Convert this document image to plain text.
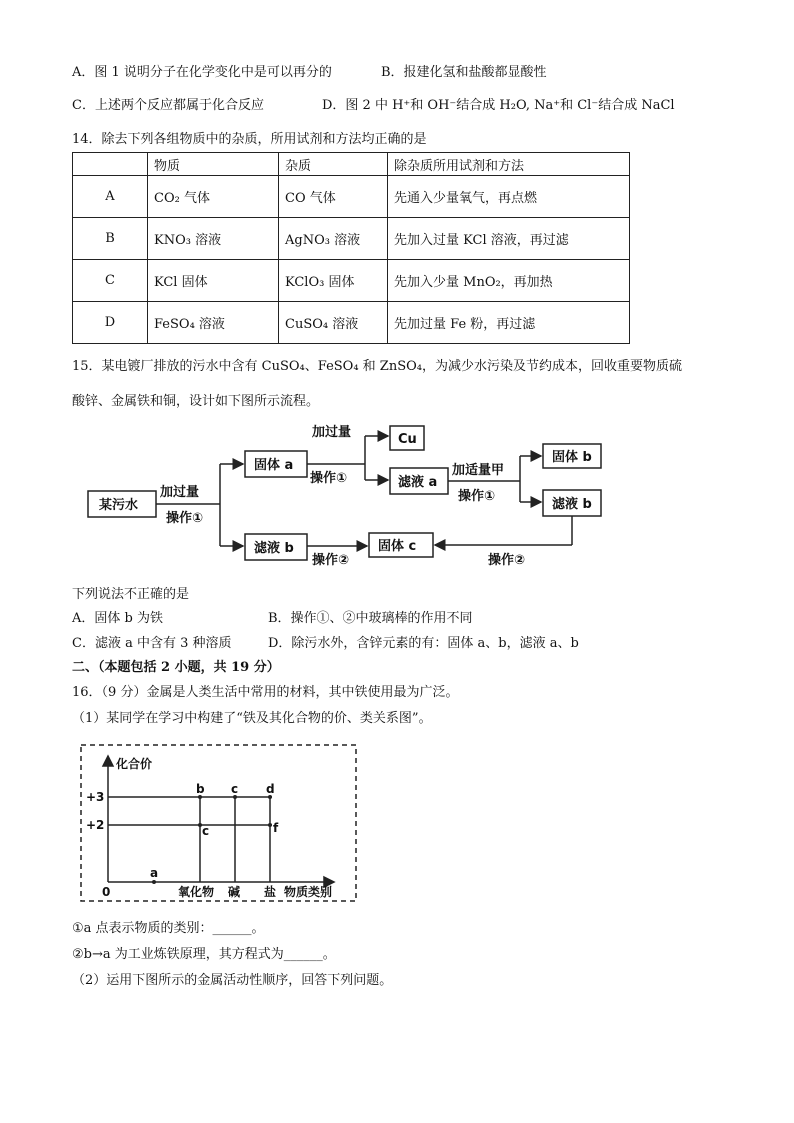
A．图 1 说明分子在化学变化中是可以再分的	B．报建化氢和盐酸都显酸性
C．上述两个反应都属于化合反应	D．图 2 中 H⁺和 OH⁻结合成 H₂O, Na⁺和 Cl⁻结合成 NaCl
14．除去下列各组物质中的杂质，所用试剂和方法均正确的是
	物质	杂质	除杂质所用试剂和方法
A	CO₂ 气体	CO 气体	先通入少量氧气，再点燃
B	KNO₃ 溶液	AgNO₃ 溶液	先加入过量 KCl 溶液，再过滤
C	KCl 固体	KClO₃ 固体	先加入少量 MnO₂，再加热
D	FeSO₄ 溶液	CuSO₄ 溶液	先加过量 Fe 粉，再过滤
15．某电镀厂排放的污水中含有 CuSO₄、FeSO₄ 和 ZnSO₄，为减少水污染及节约成本，回收重要物质硫
酸锌、金属铁和铜，设计如下图所示流程。
某污水
加过量
操作①
固体 a
操作①
加过量	Cu
滤液 a
加适量甲
操作①
固体 b
滤液 b
滤液 b
操作②
固体 c
操作②
下列说法不正確的是
A．固体 b 为铁	B．操作①、②中玻璃棒的作用不同
C．滤液 a 中含有 3 种溶质	D．除污水外，含锌元素的有：固体 a、b，滤液 a、b
二、（本题包括 2 小题，共 19 分）
16．（9 分）金属是人类生活中常用的材料，其中铁使用最为广泛。
（1）某同学在学习中构建了“铁及其化合物的价、类关系图”。
化合价
+3
+2
0	氧化物 碱 盐 物质类别
a
b c d
c	f
①a 点表示物质的类别：______。
②b→a 为工业炼铁原理，其方程式为______。
（2）运用下图所示的金属活动性顺序，回答下列问题。
